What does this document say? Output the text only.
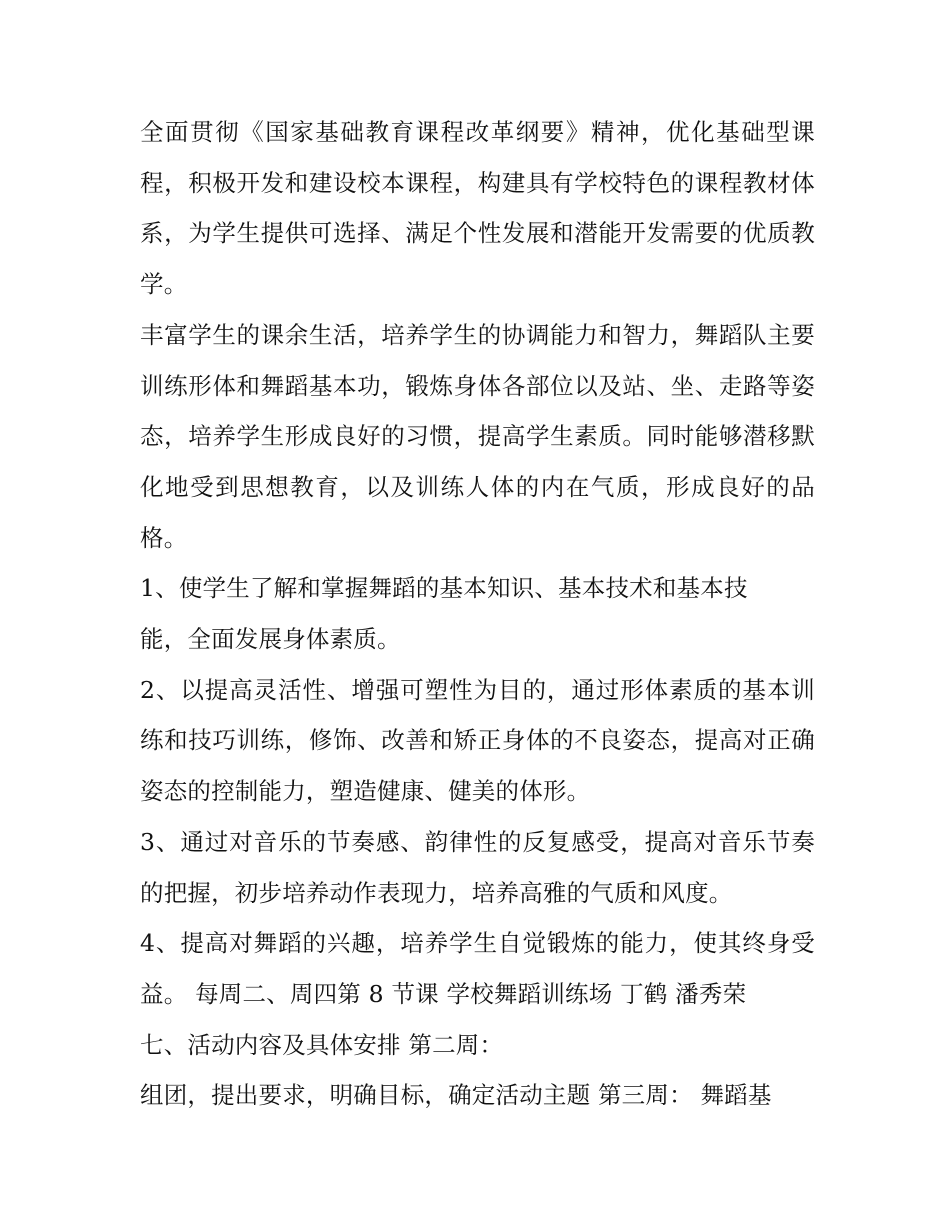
全面贯彻《国家基础教育课程改革纲要》精神，优化基础型课程，积极开发和建设校本课程，构建具有学校特色的课程教材体系，为学生提供可选择、满足个性发展和潜能开发需要的优质教学。

丰富学生的课余生活，培养学生的协调能力和智力，舞蹈队主要训练形体和舞蹈基本功，锻炼身体各部位以及站、坐、走路等姿态，培养学生形成良好的习惯，提高学生素质。同时能够潜移默化地受到思想教育，以及训练人体的内在气质，形成良好的品格。

1、使学生了解和掌握舞蹈的基本知识、基本技术和基本技能，全面发展身体素质。

2、以提高灵活性、增强可塑性为目的，通过形体素质的基本训练和技巧训练，修饰、改善和矫正身体的不良姿态，提高对正确姿态的控制能力，塑造健康、健美的体形。

3、通过对音乐的节奏感、韵律性的反复感受，提高对音乐节奏的把握，初步培养动作表现力，培养高雅的气质和风度。

4、提高对舞蹈的兴趣，培养学生自觉锻炼的能力，使其终身受益。 每周二、周四第 8 节课 学校舞蹈训练场 丁鹤 潘秀荣

七、活动内容及具体安排 第二周：

组团，提出要求，明确目标，确定活动主题 第三周： 舞蹈基
